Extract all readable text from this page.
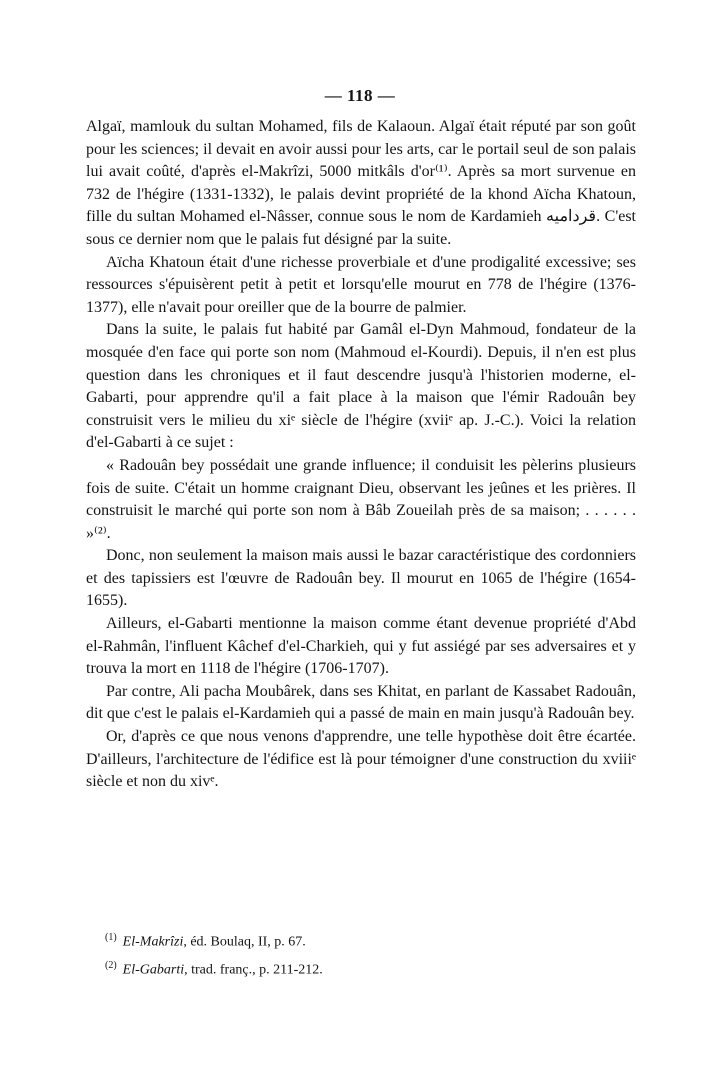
— 118 —

Algaï, mamlouk du sultan Mohamed, fils de Kalaoun. Algaï était réputé par son goût pour les sciences; il devait en avoir aussi pour les arts, car le portail seul de son palais lui avait coûté, d'après el-Makrîzi, 5000 mitkâls d'or⁽¹⁾. Après sa mort survenue en 732 de l'hégire (1331-1332), le palais devint propriété de la khond Aïcha Khatoun, fille du sultan Mohamed el-Nâsser, connue sous le nom de Kardamieh قرداميه. C'est sous ce dernier nom que le palais fut désigné par la suite.

Aïcha Khatoun était d'une richesse proverbiale et d'une prodigalité excessive; ses ressources s'épuisèrent petit à petit et lorsqu'elle mourut en 778 de l'hégire (1376-1377), elle n'avait pour oreiller que de la bourre de palmier.

Dans la suite, le palais fut habité par Gamâl el-Dyn Mahmoud, fondateur de la mosquée d'en face qui porte son nom (Mahmoud el-Kourdi). Depuis, il n'en est plus question dans les chroniques et il faut descendre jusqu'à l'historien moderne, el-Gabarti, pour apprendre qu'il a fait place à la maison que l'émir Radouân bey construisit vers le milieu du xiᵉ siècle de l'hégire (xviiᵉ ap. J.-C.). Voici la relation d'el-Gabarti à ce sujet :

« Radouân bey possédait une grande influence; il conduisit les pèlerins plusieurs fois de suite. C'était un homme craignant Dieu, observant les jeûnes et les prières. Il construisit le marché qui porte son nom à Bâb Zoueilah près de sa maison; . . . . . . »⁽²⁾.

Donc, non seulement la maison mais aussi le bazar caractéristique des cordonniers et des tapissiers est l'œuvre de Radouân bey. Il mourut en 1065 de l'hégire (1654-1655).

Ailleurs, el-Gabarti mentionne la maison comme étant devenue propriété d'Abd el-Rahmân, l'influent Kâchef d'el-Charkieh, qui y fut assiégé par ses adversaires et y trouva la mort en 1118 de l'hégire (1706-1707).

Par contre, Ali pacha Moubârek, dans ses Khitat, en parlant de Kassabet Radouân, dit que c'est le palais el-Kardamieh qui a passé de main en main jusqu'à Radouân bey.

Or, d'après ce que nous venons d'apprendre, une telle hypothèse doit être écartée. D'ailleurs, l'architecture de l'édifice est là pour témoigner d'une construction du xviiiᵉ siècle et non du xivᵉ.

$^{(1)}$ El-Makrîzi, éd. Boulaq, II, p. 67.

$^{(2)}$ El-Gabarti, trad. franç., p. 211-212.
